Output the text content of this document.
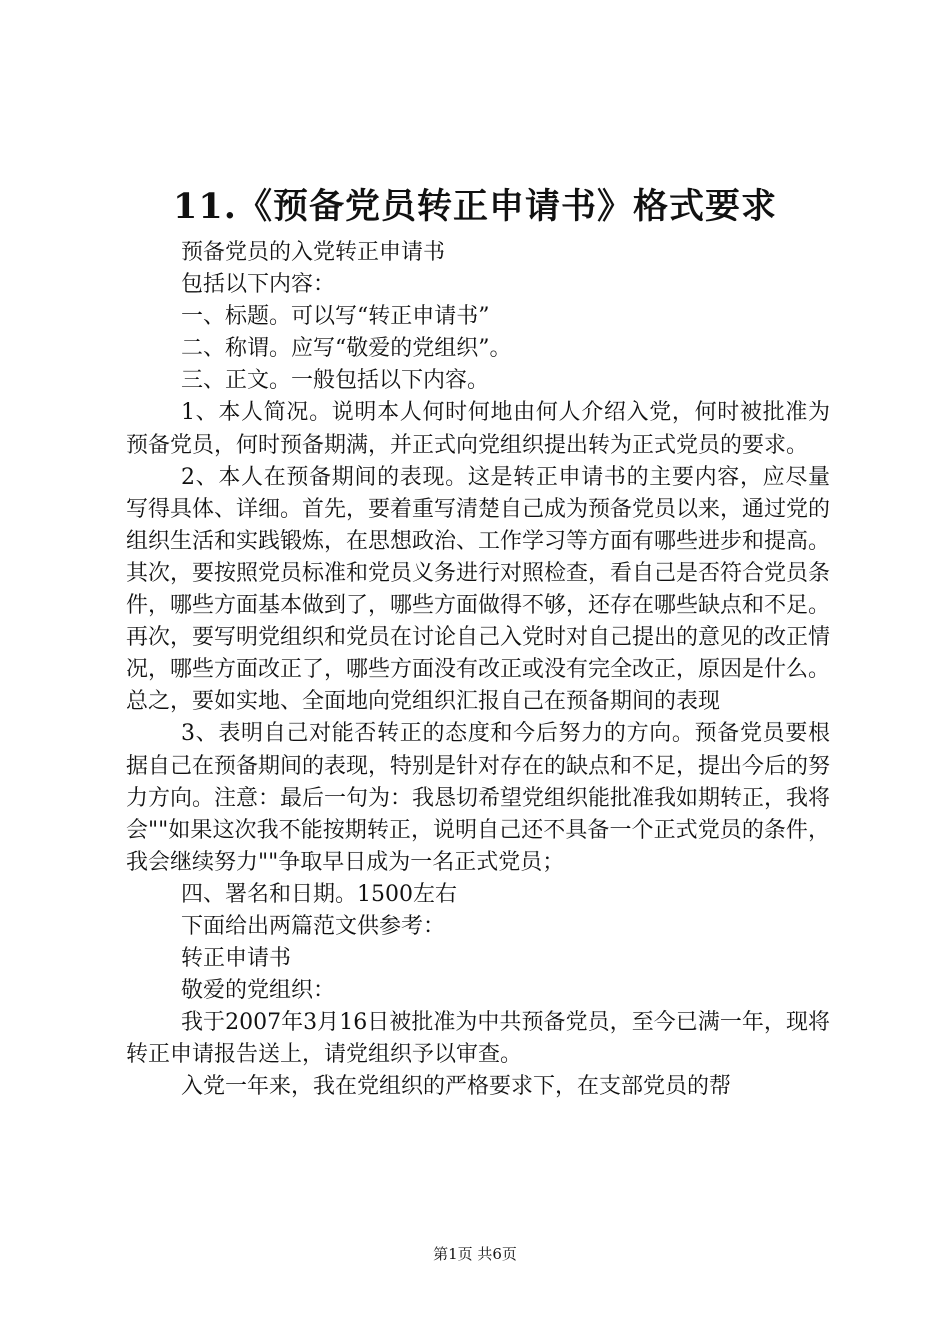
11.《预备党员转正申请书》格式要求

预备党员的入党转正申请书

包括以下内容：

一、标题。可以写“转正申请书”

二、称谓。应写“敬爱的党组织”。

三、正文。一般包括以下内容。

1、本人简况。说明本人何时何地由何人介绍入党，何时被批准为预备党员，何时预备期满，并正式向党组织提出转为正式党员的要求。

2、本人在预备期间的表现。这是转正申请书的主要内容，应尽量写得具体、详细。首先，要着重写清楚自己成为预备党员以来，通过党的组织生活和实践锻炼，在思想政治、工作学习等方面有哪些进步和提高。其次，要按照党员标准和党员义务进行对照检查，看自己是否符合党员条件，哪些方面基本做到了，哪些方面做得不够，还存在哪些缺点和不足。再次，要写明党组织和党员在讨论自己入党时对自己提出的意见的改正情况，哪些方面改正了，哪些方面没有改正或没有完全改正，原因是什么。总之，要如实地、全面地向党组织汇报自己在预备期间的表现

3、表明自己对能否转正的态度和今后努力的方向。预备党员要根据自己在预备期间的表现，特别是针对存在的缺点和不足，提出今后的努力方向。注意：最后一句为：我恳切希望党组织能批准我如期转正，我将会""如果这次我不能按期转正，说明自己还不具备一个正式党员的条件，我会继续努力""争取早日成为一名正式党员；

四、署名和日期。1500左右

下面给出两篇范文供参考：

转正申请书

敬爱的党组织：

我于2007年3月16日被批准为中共预备党员，至今已满一年，现将转正申请报告送上，请党组织予以审查。

入党一年来，我在党组织的严格要求下，在支部党员的帮

第1页 共6页
